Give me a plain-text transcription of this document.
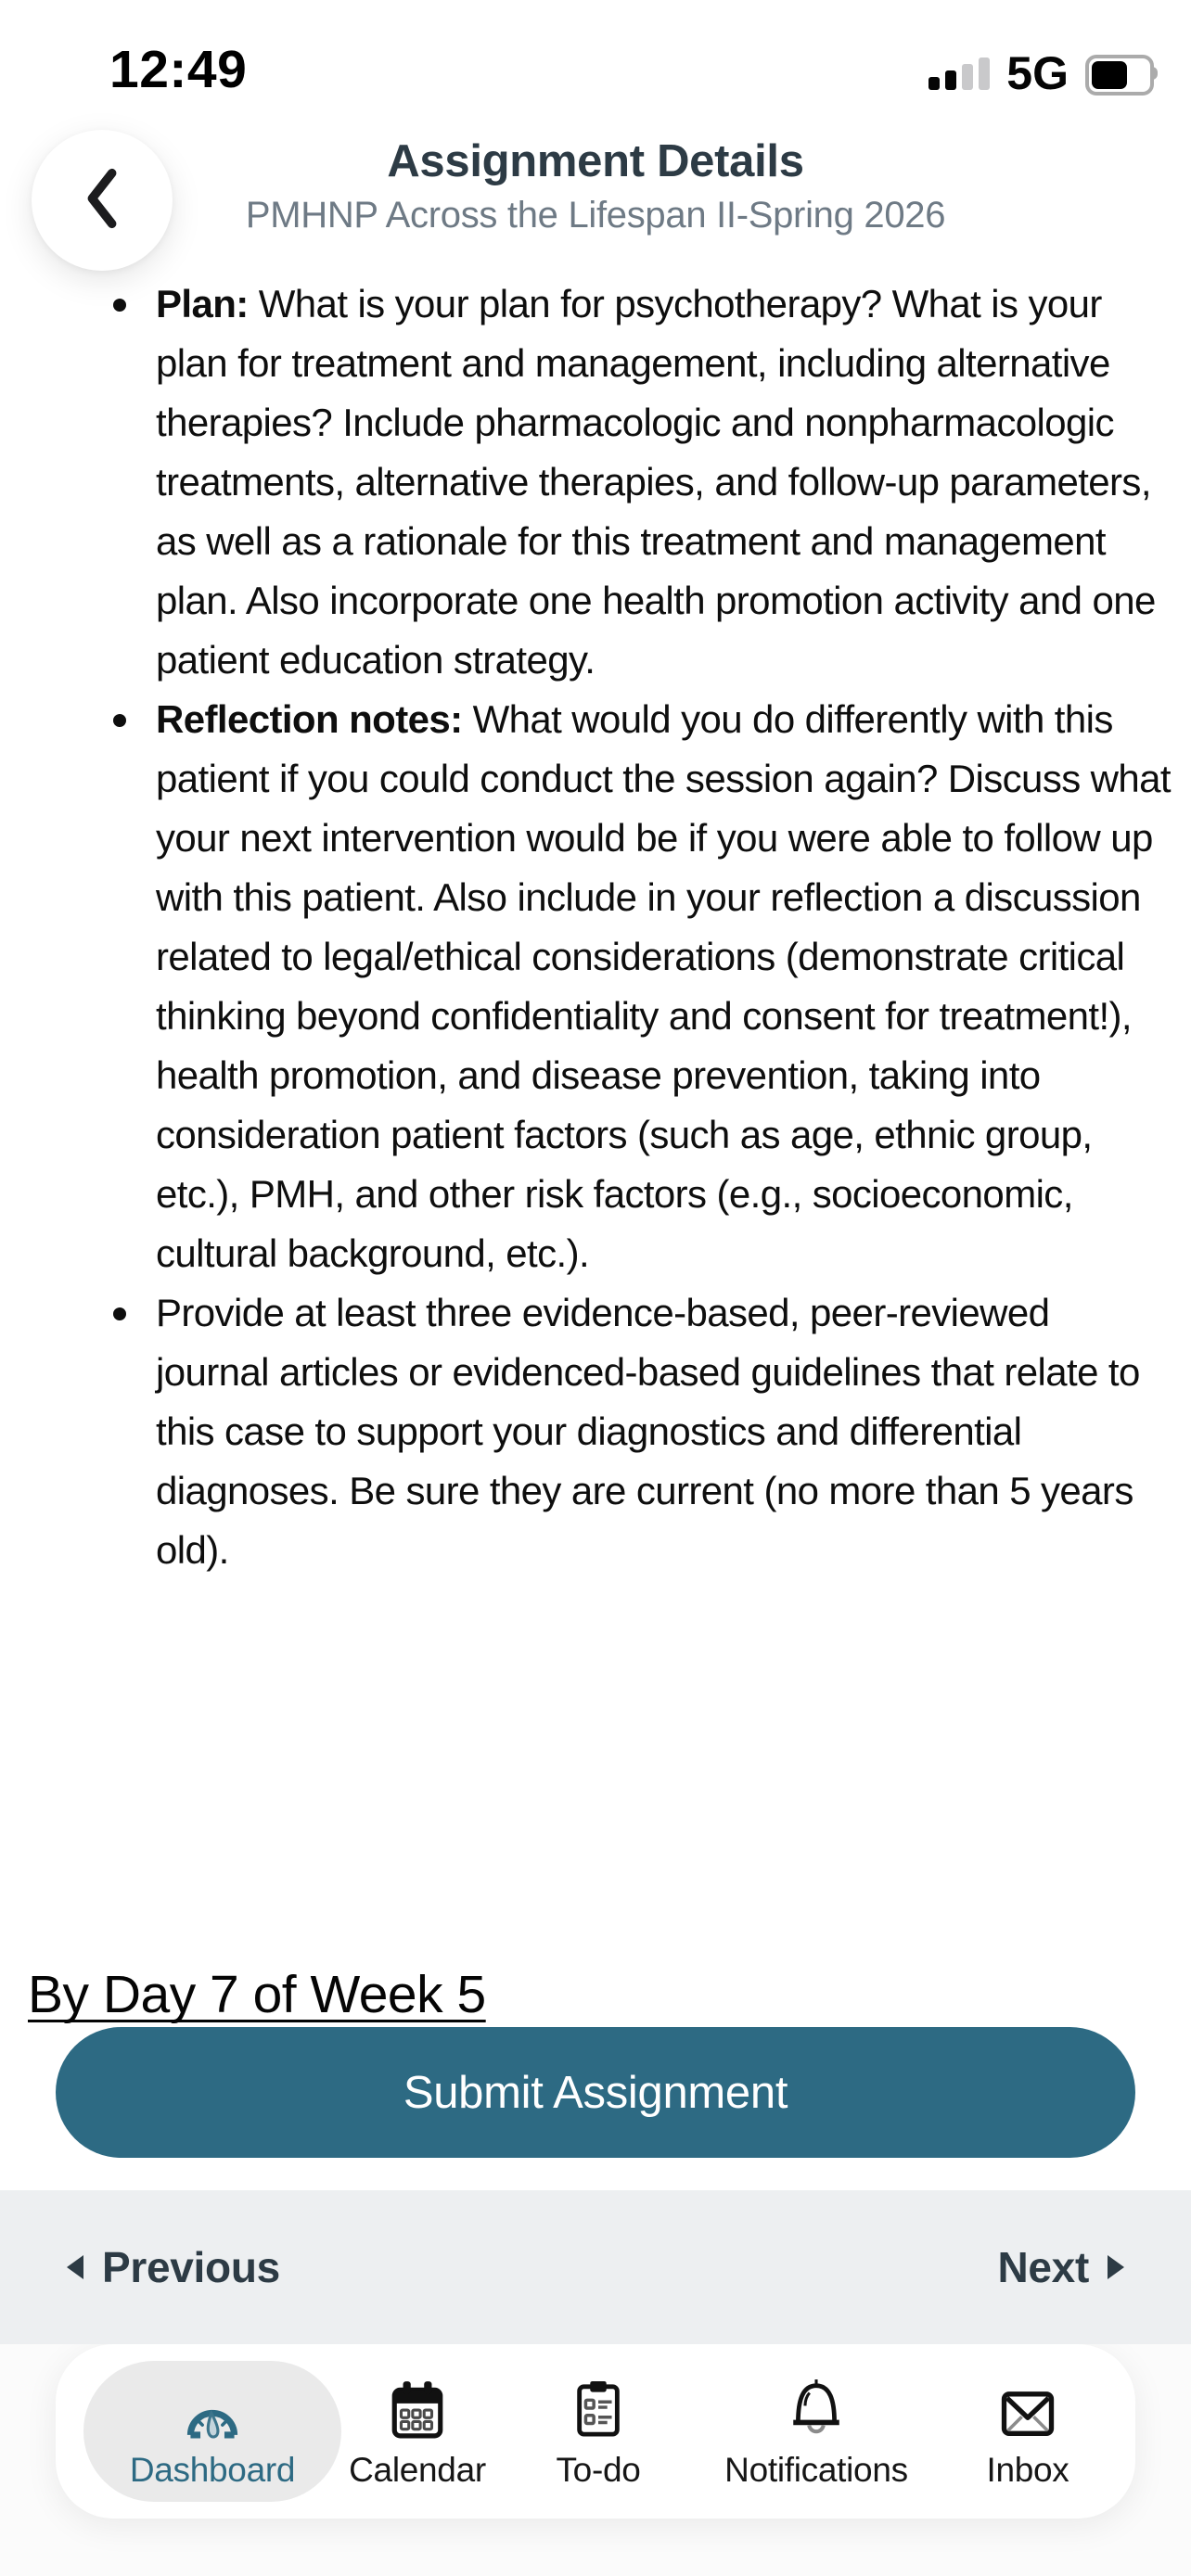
12:49	5G
Assignment Details
PMHNP Across the Lifespan II-Spring 2026
Plan: What is your plan for psychotherapy? What is your plan for treatment and management, including alternative therapies? Include pharmacologic and nonpharmacologic treatments, alternative therapies, and follow-up parameters, as well as a rationale for this treatment and management plan. Also incorporate one health promotion activity and one patient education strategy.
Reflection notes: What would you do differently with this patient if you could conduct the session again? Discuss what your next intervention would be if you were able to follow up with this patient. Also include in your reflection a discussion related to legal/ethical considerations (demonstrate critical thinking beyond confidentiality and consent for treatment!), health promotion, and disease prevention, taking into consideration patient factors (such as age, ethnic group, etc.), PMH, and other risk factors (e.g., socioeconomic, cultural background, etc.).
Provide at least three evidence-based, peer-reviewed journal articles or evidenced-based guidelines that relate to this case to support your diagnostics and differential diagnoses. Be sure they are current (no more than 5 years old).
By Day 7 of Week 5
Submit Assignment
Previous	Next
Dashboard Calendar To-do Notifications Inbox
